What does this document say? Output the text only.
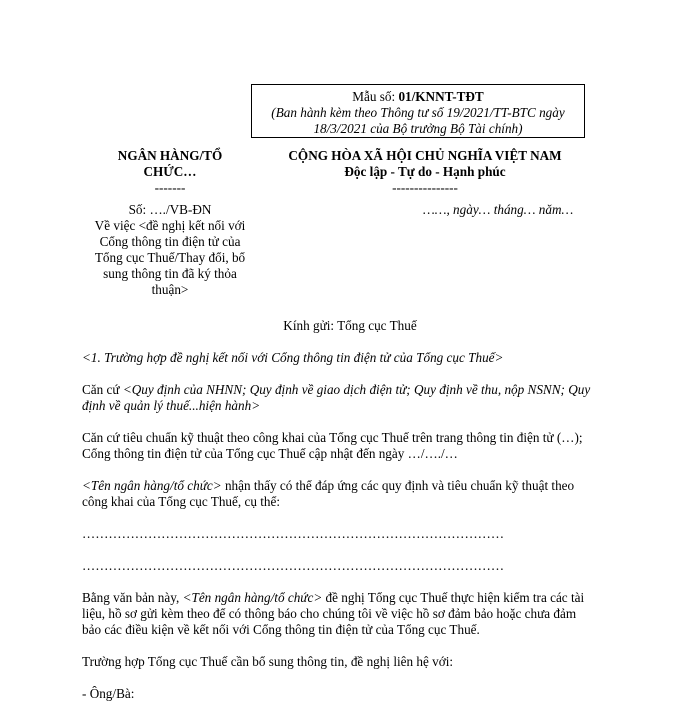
Mẫu số: 01/KNNT-TĐT
(Ban hành kèm theo Thông tư số 19/2021/TT-BTC ngày
18/3/2021 của Bộ trưởng Bộ Tài chính)
NGÂN HÀNG/TỔ
CHỨC…
-------
Số: …./VB-ĐN
Về việc <đề nghị kết nối với
Cổng thông tin điện tử của
Tổng cục Thuế/Thay đổi, bổ
sung thông tin đã ký thỏa
thuận>
CỘNG HÒA XÃ HỘI CHỦ NGHĨA VIỆT NAM
Độc lập - Tự do - Hạnh phúc
---------------
……, ngày… tháng… năm…
Kính gửi: Tổng cục Thuế
<1. Trường hợp đề nghị kết nối với Cổng thông tin điện tử của Tổng cục Thuế>
Căn cứ <Quy định của NHNN; Quy định về giao dịch điện tử; Quy định về thu, nộp NSNN; Quy
định về quản lý thuế...hiện hành>
Căn cứ tiêu chuẩn kỹ thuật theo công khai của Tổng cục Thuế trên trang thông tin điện tử (…);
Cổng thông tin điện tử của Tổng cục Thuế cập nhật đến ngày …/…./…
<Tên ngân hàng/tổ chức> nhận thấy có thể đáp ứng các quy định và tiêu chuẩn kỹ thuật theo
công khai của Tổng cục Thuế, cụ thể:
……………………………………………………………………………………
……………………………………………………………………………………
Bằng văn bản này, <Tên ngân hàng/tổ chức> đề nghị Tổng cục Thuế thực hiện kiểm tra các tài
liệu, hồ sơ gửi kèm theo để có thông báo cho chúng tôi về việc hồ sơ đảm bảo hoặc chưa đảm
bảo các điều kiện về kết nối với Cổng thông tin điện tử của Tổng cục Thuế.
Trường hợp Tổng cục Thuế cần bổ sung thông tin, đề nghị liên hệ với:
- Ông/Bà:
